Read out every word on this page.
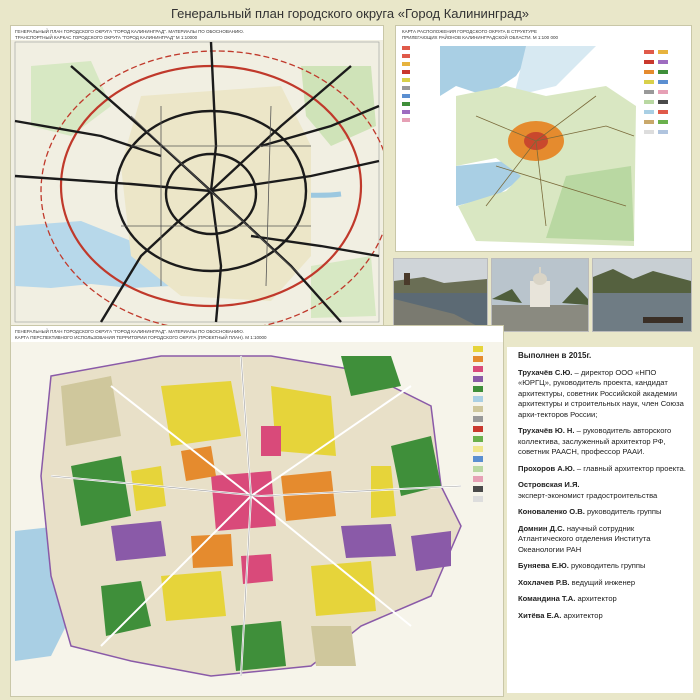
Генеральный план городского округа «Город Калининград»
ГЕНЕРАЛЬНЫЙ ПЛАН ГОРОДСКОГО ОКРУГА "ГОРОД КАЛИНИНГРАД". МАТЕРИАЛЫ ПО ОБОСНОВАНИЮ.
ТРАНСПОРТНЫЙ КАРКАС ГОРОДСКОГО ОКРУГА "ГОРОД КАЛИНИНГРАД" М 1:10000
КАРТА РАСПОЛОЖЕНИЯ ГОРОДСКОГО ОКРУГА В СТРУКТУРЕ
ПРИЛЕГАЮЩИХ РАЙОНОВ КАЛИНИНГРАДСКОЙ ОБЛАСТИ. М 1:100 000
ГЕНЕРАЛЬНЫЙ ПЛАН ГОРОДСКОГО ОКРУГА "ГОРОД КАЛИНИНГРАД". МАТЕРИАЛЫ ПО ОБОСНОВАНИЮ.
КАРТА ПЕРСПЕКТИВНОГО ИСПОЛЬЗОВАНИЯ ТЕРРИТОРИИ ГОРОДСКОГО ОКРУГА (ПРОЕКТНЫЙ ПЛАН). М 1:10000
Выполнен в 2015г.
Трухачёв С.Ю. – директор ООО «НПО «ЮРГЦ», руководитель проекта, кандидат архитектуры, советник Российской академии архитектуры и строительных наук, член Союза архи-текторов России;
Трухачёв Ю. Н. – руководитель авторского коллектива, заслуженный архитектор РФ, советник РААСН, профессор РААИ.
Прохоров А.Ю. – главный архитектор проекта.
Островская И.Я.
эксперт-экономист градостроительства
Коноваленко О.В. руководитель группы
Домнин Д.С. научный сотрудник Атлантического отделения Института Океанологии РАН
Буняева Е.Ю. руководитель группы
Хохлачев Р.В. ведущий инженер
Командина Т.А. архитектор
Хитёва Е.А. архитектор
